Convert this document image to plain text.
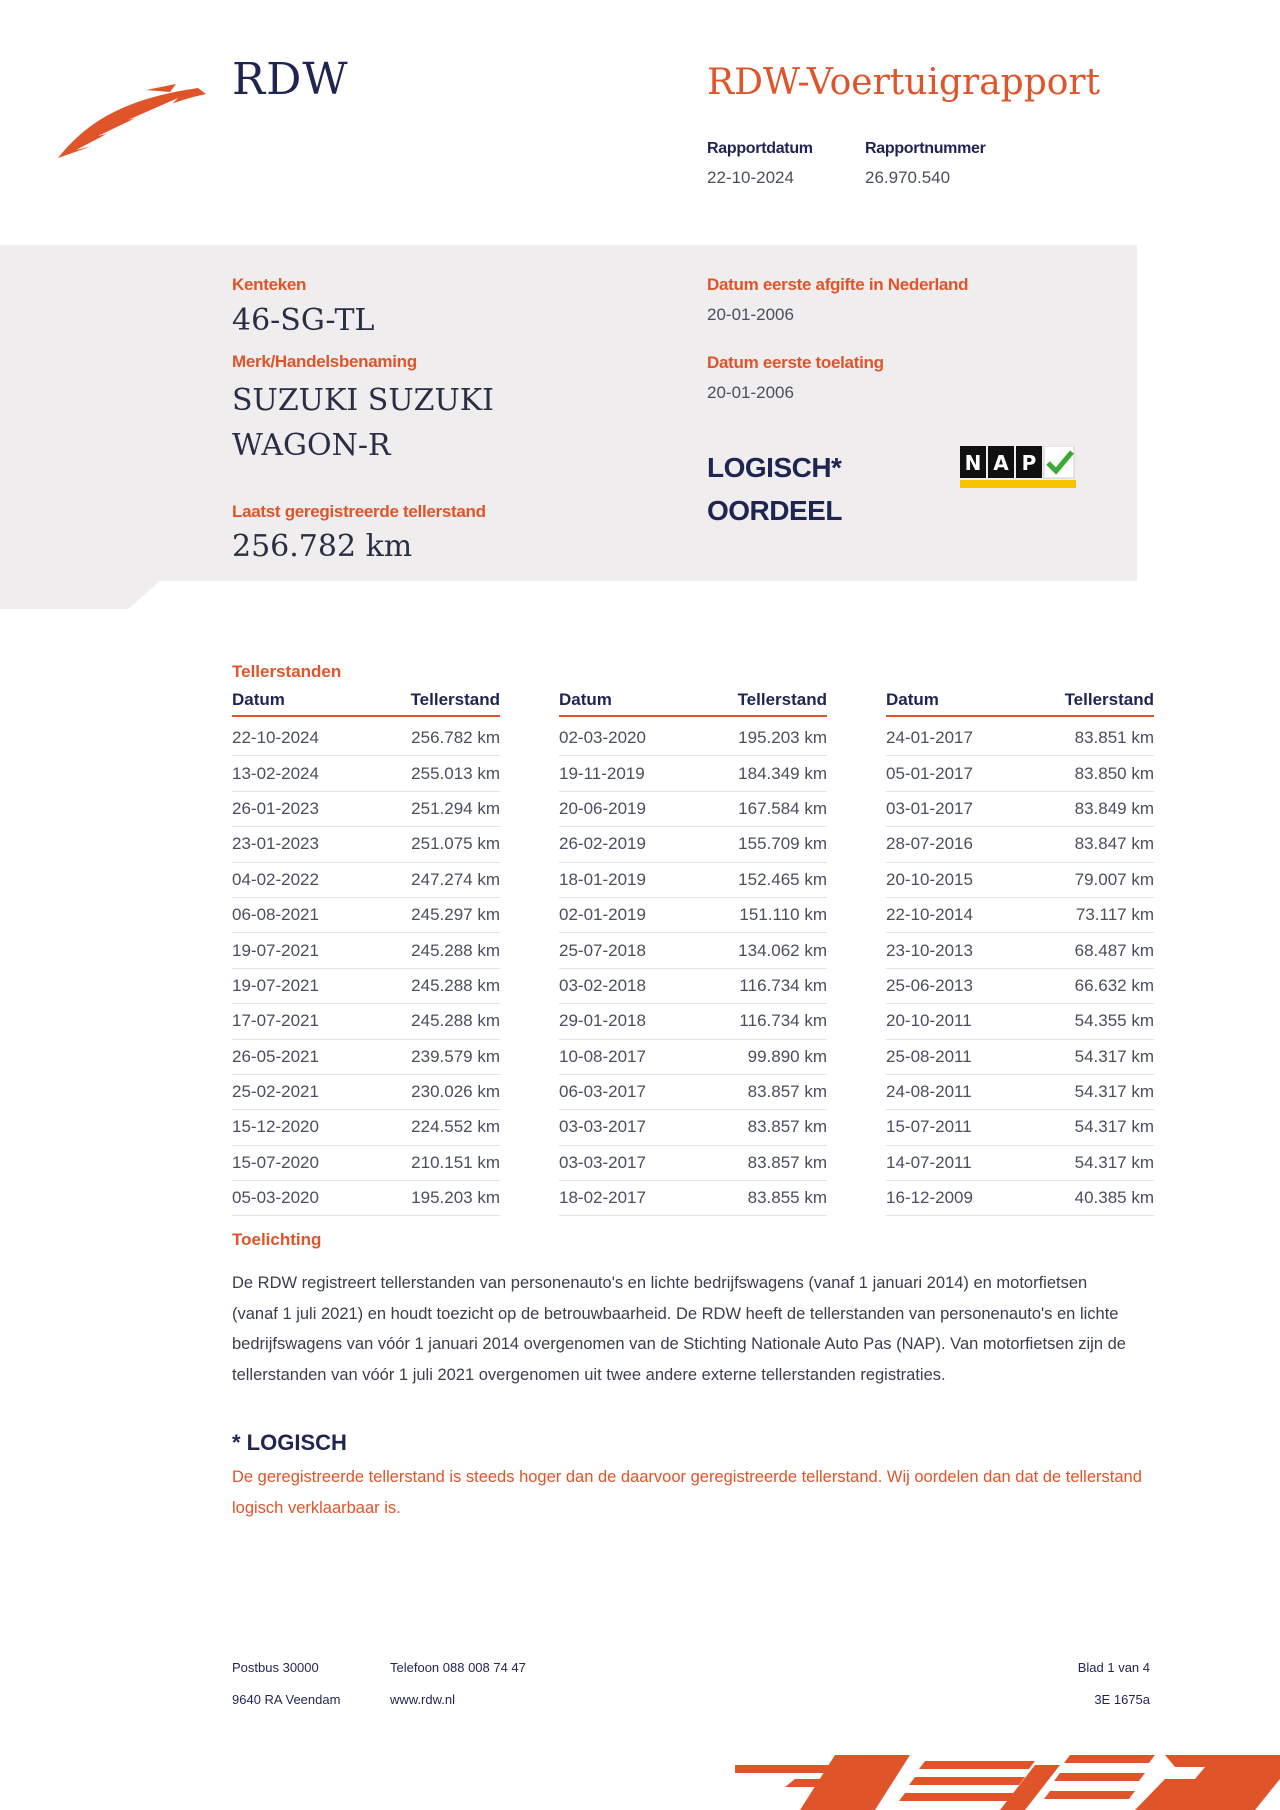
RDW	RDW-Voertuigrapport
Rapportdatum
22-10-2024
Rapportnummer
26.970.540
Kenteken
46-SG-TL
Merk/Handelsbenaming
SUZUKI SUZUKI
WAGON-R
Laatst geregistreerde tellerstand
256.782 km
Datum eerste afgifte in Nederland
20-01-2006
Datum eerste toelating
20-01-2006
LOGISCH*
OORDEEL
N A P
Tellerstanden
Datum	Tellerstand
22-10-2024	256.782 km
13-02-2024	255.013 km
26-01-2023	251.294 km
23-01-2023	251.075 km
04-02-2022	247.274 km
06-08-2021	245.297 km
19-07-2021	245.288 km
19-07-2021	245.288 km
17-07-2021	245.288 km
26-05-2021	239.579 km
25-02-2021	230.026 km
15-12-2020	224.552 km
15-07-2020	210.151 km
05-03-2020	195.203 km
Datum	Tellerstand
02-03-2020	195.203 km
19-11-2019	184.349 km
20-06-2019	167.584 km
26-02-2019	155.709 km
18-01-2019	152.465 km
02-01-2019	151.110 km
25-07-2018	134.062 km
03-02-2018	116.734 km
29-01-2018	116.734 km
10-08-2017	99.890 km
06-03-2017	83.857 km
03-03-2017	83.857 km
03-03-2017	83.857 km
18-02-2017	83.855 km
Datum	Tellerstand
24-01-2017	83.851 km
05-01-2017	83.850 km
03-01-2017	83.849 km
28-07-2016	83.847 km
20-10-2015	79.007 km
22-10-2014	73.117 km
23-10-2013	68.487 km
25-06-2013	66.632 km
20-10-2011	54.355 km
25-08-2011	54.317 km
24-08-2011	54.317 km
15-07-2011	54.317 km
14-07-2011	54.317 km
16-12-2009	40.385 km
Toelichting
De RDW registreert tellerstanden van personenauto's en lichte bedrijfswagens (vanaf 1 januari 2014) en motorfietsen (vanaf 1 juli 2021) en houdt toezicht op de betrouwbaarheid. De RDW heeft de tellerstanden van personenauto's en lichte bedrijfswagens van vóór 1 januari 2014 overgenomen van de Stichting Nationale Auto Pas (NAP). Van motorfietsen zijn de tellerstanden van vóór 1 juli 2021 overgenomen uit twee andere externe tellerstanden registraties.
* LOGISCH
De geregistreerde tellerstand is steeds hoger dan de daarvoor geregistreerde tellerstand. Wij oordelen dan dat de tellerstand logisch verklaarbaar is.
Postbus 30000
9640 RA Veendam
Telefoon 088 008 74 47
www.rdw.nl
Blad 1 van 4
3E 1675a
